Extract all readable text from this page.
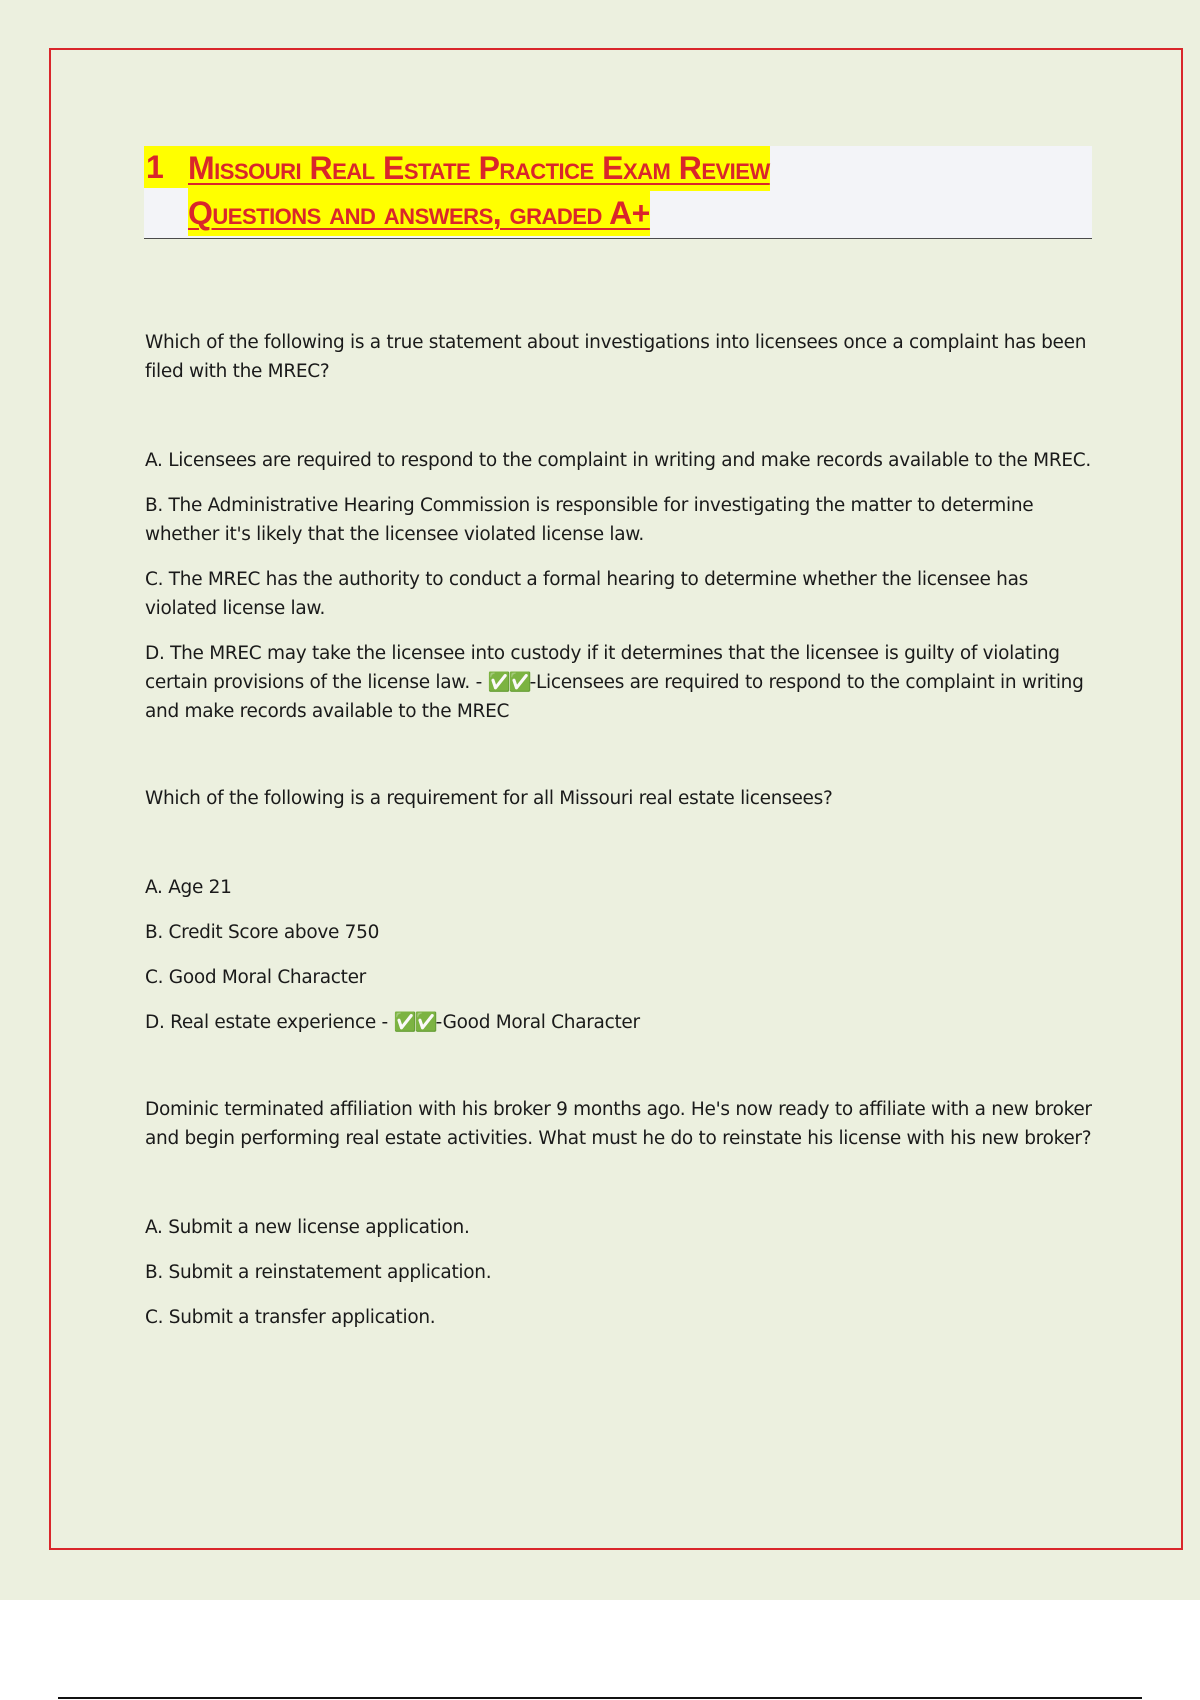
1 Missouri Real Estate Practice Exam Review
Questions and answers, graded A+

Which of the following is a true statement about investigations into licensees once a complaint has been filed with the MREC?

A. Licensees are required to respond to the complaint in writing and make records available to the MREC.

B. The Administrative Hearing Commission is responsible for investigating the matter to determine whether it's likely that the licensee violated license law.

C. The MREC has the authority to conduct a formal hearing to determine whether the licensee has violated license law.

D. The MREC may take the licensee into custody if it determines that the licensee is guilty of violating certain provisions of the license law. - ✅✅-Licensees are required to respond to the complaint in writing and make records available to the MREC

Which of the following is a requirement for all Missouri real estate licensees?

A. Age 21

B. Credit Score above 750

C. Good Moral Character

D. Real estate experience - ✅✅-Good Moral Character

Dominic terminated affiliation with his broker 9 months ago. He's now ready to affiliate with a new broker and begin performing real estate activities. What must he do to reinstate his license with his new broker?

A. Submit a new license application.

B. Submit a reinstatement application.

C. Submit a transfer application.
